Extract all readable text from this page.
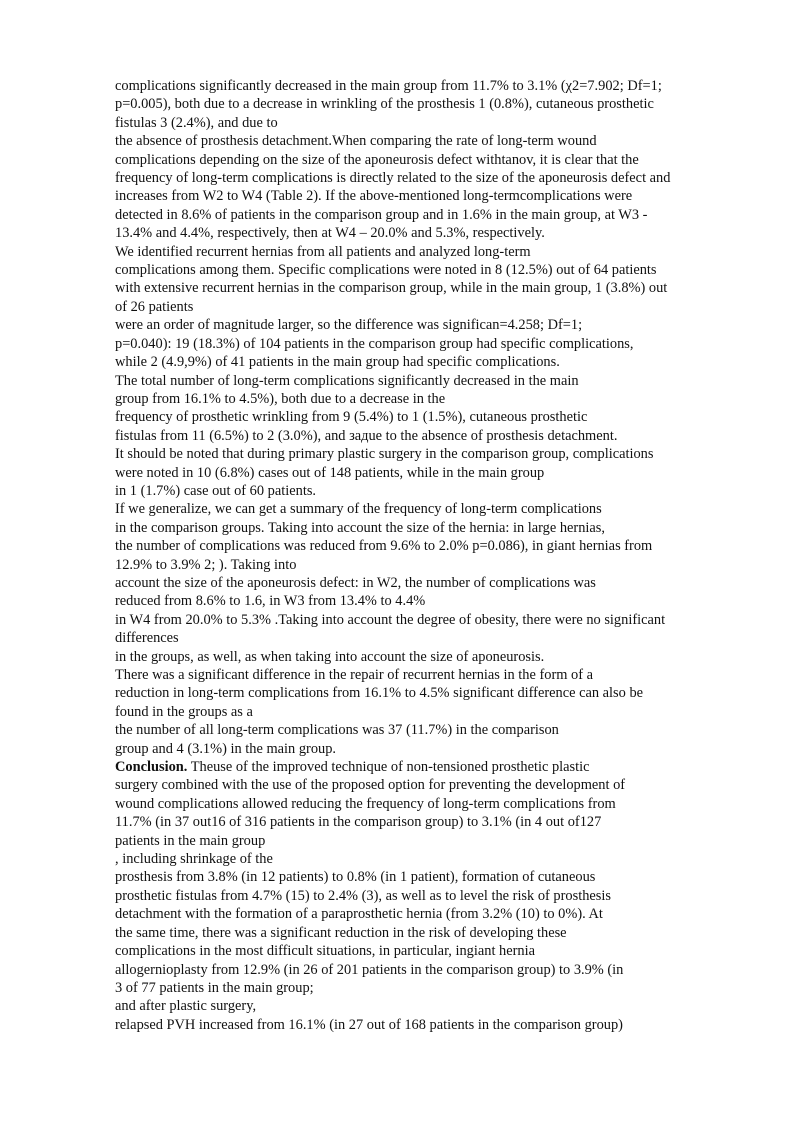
complications significantly decreased in the main group from 11.7% to 3.1% (χ2=7.902; Df=1;
p=0.005), both due to a decrease in wrinkling of the prosthesis 1 (0.8%), cutaneous prosthetic
fistulas 3 (2.4%), and due to
the absence of prosthesis detachment.When comparing the rate of long-term wound
complications depending on the size of the aponeurosis defect withtanov, it is clear that the
frequency of long-term complications is directly related to the size of the aponeurosis defect and
increases from W2 to W4 (Table 2). If the above-mentioned long-termcomplications were
detected in 8.6% of patients in the comparison group and in 1.6% in the main group, at W3 -
13.4% and 4.4%, respectively, then at W4 – 20.0% and 5.3%, respectively.
We identified recurrent hernias from all patients and analyzed long-term
complications among them. Specific complications were noted in 8 (12.5%) out of 64 patients
with extensive recurrent hernias in the comparison group, while in the main group, 1 (3.8%) out
of 26 patients
were an order of magnitude larger, so the difference was significan=4.258; Df=1;
p=0.040): 19 (18.3%) of 104 patients in the comparison group had specific complications,
while 2 (4.9,9%) of 41 patients in the main group had specific complications.
The total number of long-term complications significantly decreased in the main
group from 16.1% to 4.5%), both due to a decrease in the
frequency of prosthetic wrinkling from 9 (5.4%) to 1 (1.5%), cutaneous prosthetic
fistulas from 11 (6.5%) to 2 (3.0%), and задue to the absence of prosthesis detachment.
It should be noted that during primary plastic surgery in the comparison group, complications
were noted in 10 (6.8%) cases out of 148 patients, while in the main group
in 1 (1.7%) case out of 60 patients.
If we generalize, we can get a summary of the frequency of long-term complications
in the comparison groups. Taking into account the size of the hernia: in large hernias,
the number of complications was reduced from 9.6% to 2.0% p=0.086), in giant hernias from
12.9% to 3.9% 2; ). Taking into
account the size of the aponeurosis defect: in W2, the number of complications was
reduced from 8.6% to 1.6, in W3 from 13.4% to 4.4%
in W4 from 20.0% to 5.3% .Taking into account the degree of obesity, there were no significant
differences
in the groups, as well, as when taking into account the size of aponeurosis.
There was a significant difference in the repair of recurrent hernias in the form of a
reduction in long-term complications from 16.1% to 4.5% significant difference can also be
found in the groups as a
the number of all long-term complications was 37 (11.7%) in the comparison
group and 4 (3.1%) in the main group.
Conclusion. Theuse of the improved technique of non-tensioned prosthetic plastic
surgery combined with the use of the proposed option for preventing the development of
wound complications allowed reducing the frequency of long-term complications from
11.7% (in 37 out16 of 316 patients in the comparison group) to 3.1% (in 4 out of127
patients in the main group
, including shrinkage of the
prosthesis from 3.8% (in 12 patients) to 0.8% (in 1 patient), formation of cutaneous
prosthetic fistulas from 4.7% (15) to 2.4% (3), as well as to level the risk of prosthesis
detachment with the formation of a paraprosthetic hernia (from 3.2% (10) to 0%). At
the same time, there was a significant reduction in the risk of developing these
complications in the most difficult situations, in particular, ingiant hernia
allogernioplasty from 12.9% (in 26 of 201 patients in the comparison group) to 3.9% (in
3 of 77 patients in the main group;
and after plastic surgery,
relapsed PVH increased from 16.1% (in 27 out of 168 patients in the comparison group)
